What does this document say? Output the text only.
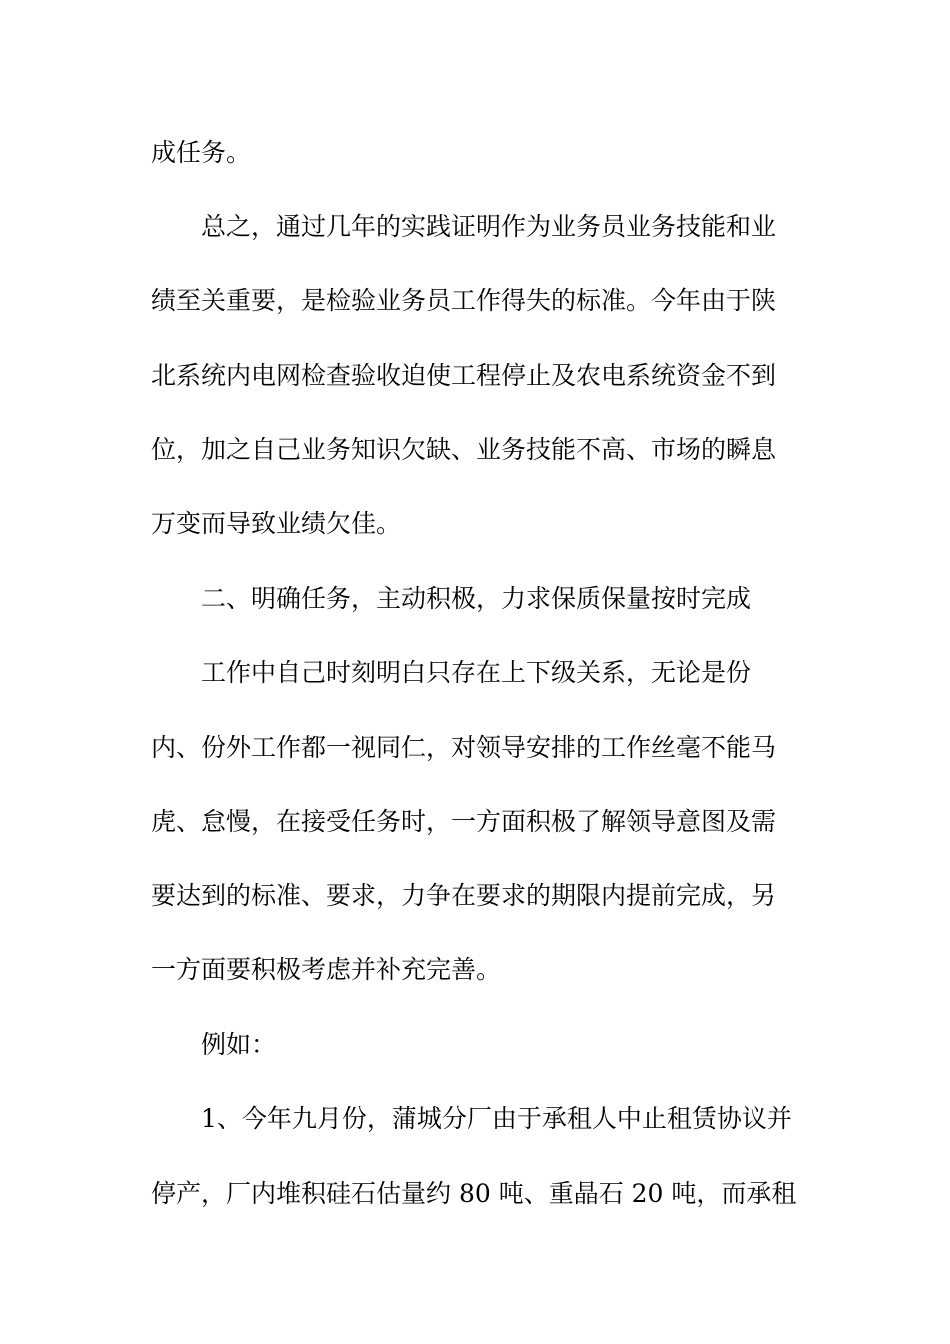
成任务。
总之，通过几年的实践证明作为业务员业务技能和业
绩至关重要，是检验业务员工作得失的标准。今年由于陕
北系统内电网检查验收迫使工程停止及农电系统资金不到
位，加之自己业务知识欠缺、业务技能不高、市场的瞬息
万变而导致业绩欠佳。
二、明确任务，主动积极，力求保质保量按时完成
工作中自己时刻明白只存在上下级关系，无论是份
内、份外工作都一视同仁，对领导安排的工作丝毫不能马
虎、怠慢，在接受任务时，一方面积极了解领导意图及需
要达到的标准、要求，力争在要求的期限内提前完成，另
一方面要积极考虑并补充完善。
例如：
1、今年九月份，蒲城分厂由于承租人中止租赁协议并
停产，厂内堆积硅石估量约 80 吨、重晶石 20 吨，而承租
